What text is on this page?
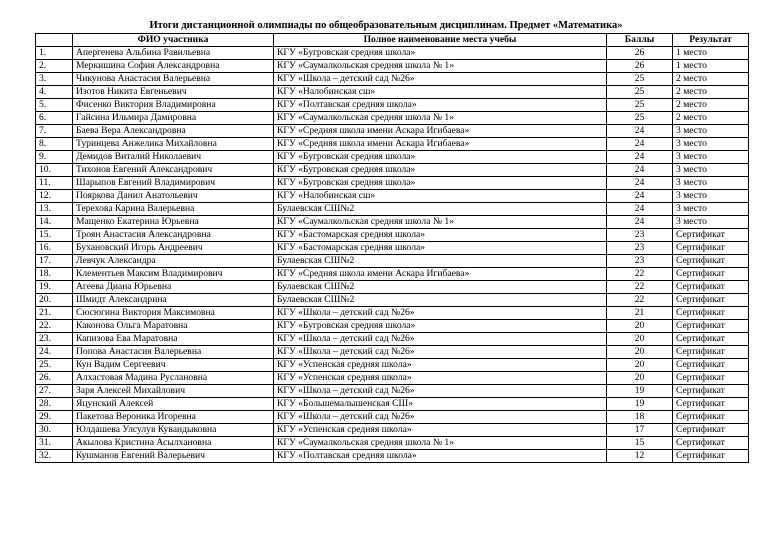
Итоги дистанционной олимпиады по общеобразовательным дисциплинам. Предмет «Математика»
	ФИО участника	Полное наименование места учебы	Баллы	Результат
1.	Апергенева Альбина Равильевна	КГУ «Бугровская средняя школа»	26	1 место
2.	Меркишина София Александровна	КГУ «Саумалкольская средняя школа № 1»	26	1 место
3.	Чикунова Анастасия Валерьевна	КГУ «Школа – детский сад №26»	25	2 место
4.	Изотов Никита Евгеньевич	КГУ «Налобинская сш»	25	2 место
5.	Фисенко Виктория Владимировна	КГУ «Полтавская средняя школа»	25	2 место
6.	Гайсина Ильмира Дамировна	КГУ «Саумалкольская средняя школа № 1»	25	2 место
7.	Баева Вера Александровна	КГУ «Средняя школа имени Аскара Игибаева»	24	3 место
8.	Туринцева Анжелика Михайловна	КГУ «Средняя школа имени Аскара Игибаева»	24	3 место
9.	Демидов Виталий Николаевич	КГУ «Бугровская средняя школа»	24	3 место
10.	Тихонов Евгений Александрович	КГУ «Бугровская средняя школа»	24	3 место
11.	Шарыпов Евгений Владимирович	КГУ «Бугровская средняя школа»	24	3 место
12.	Пояркова Данил Анатольевич	КГУ «Налобинская сш»	24	3 место
13.	Терехова Карина Валерьевна	Булаевская СШ№2	24	3 место
14.	Мащенко Екатерина Юрьевна	КГУ «Саумалкольская средняя школа № 1»	24	3 место
15.	Троян Анастасия Александровна	КГУ «Бастомарская средняя школа»	23	Сертификат
16.	Бухановский Игорь Андреевич	КГУ «Бастомарская средняя школа»	23	Сертификат
17.	Левчук Александра	Булаевская СШ№2	23	Сертификат
18.	Клементьев Максим Владимирович	КГУ «Средняя школа имени Аскара Игибаева»	22	Сертификат
19.	Агеева Диана Юрьевна	Булаевская СШ№2	22	Сертификат
20.	Шмидт Александрина	Булаевская СШ№2	22	Сертификат
21.	Сюсюгина Виктория Максимовна	КГУ «Школа – детский сад №26»	21	Сертификат
22.	Каконова Ольга Маратовна	КГУ «Бугровская средняя школа»	20	Сертификат
23.	Капизова Ева Маратовна	КГУ «Школа – детский сад №26»	20	Сертификат
24.	Попова Анастасия Валерьевна	КГУ «Школа – детский сад №26»	20	Сертификат
25.	Кун Вадим Сергеевич	КГУ «Успенская средняя школа»	20	Сертификат
26.	Алхастовая Мадина Руслановна	КГУ «Успенская средняя школа»	20	Сертификат
27.	Заря Алексей Михайлович	КГУ «Школа – детский сад №26»	19	Сертификат
28.	Яцунский Алексей	КГУ «Большемалышенская СШ»	19	Сертификат
29.	Пакетова Вероника Игоревна	КГУ «Школа – детский сад №26»	18	Сертификат
30.	Юлдашева Улсулув Кувандыковна	КГУ «Успенская средняя школа»	17	Сертификат
31.	Акылова Кристина Асылхановна	КГУ «Саумалкольская средняя школа № 1»	15	Сертификат
32.	Кушманов Евгений Валерьевич	КГУ «Полтавская средняя школа»	12	Сертификат
